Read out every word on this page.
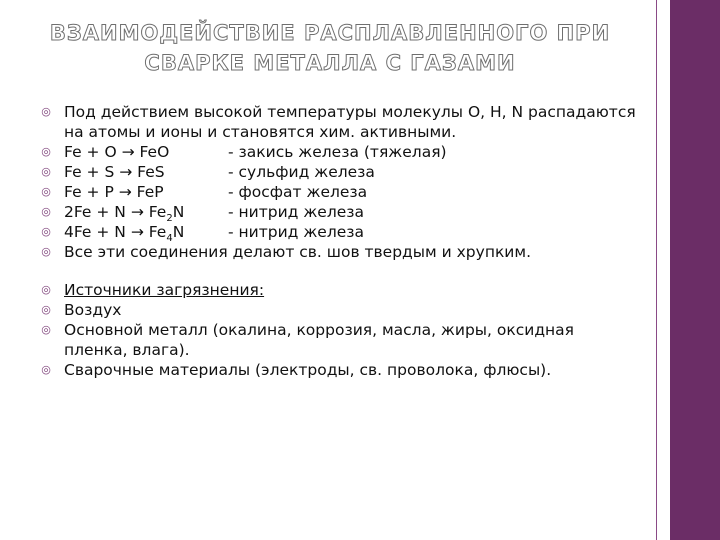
ВЗАИМОДЕЙСТВИЕ РАСПЛАВЛЕННОГО ПРИ
СВАРКЕ МЕТАЛЛА С ГАЗАМИ
◎ Под действием высокой температуры молекулы O, H, N распадаются на атомы и ионы и становятся хим. активными.
◎ Fe + O → FeO	- закись железа (тяжелая)
◎ Fe + S → FeS	- сульфид железа
◎ Fe + P → FeP	- фосфат железа
◎ $2Fe + N \to Fe_2N$	- нитрид железа
◎ $4Fe + N \to Fe_4N$	- нитрид железа
◎ Все эти соединения делают св. шов твердым и хрупким.
◎ Источники загрязнения:
◎ Воздух
◎ Основной металл (окалина, коррозия, масла, жиры, оксидная пленка, влага).
◎ Сварочные материалы (электроды, св. проволока, флюсы).
